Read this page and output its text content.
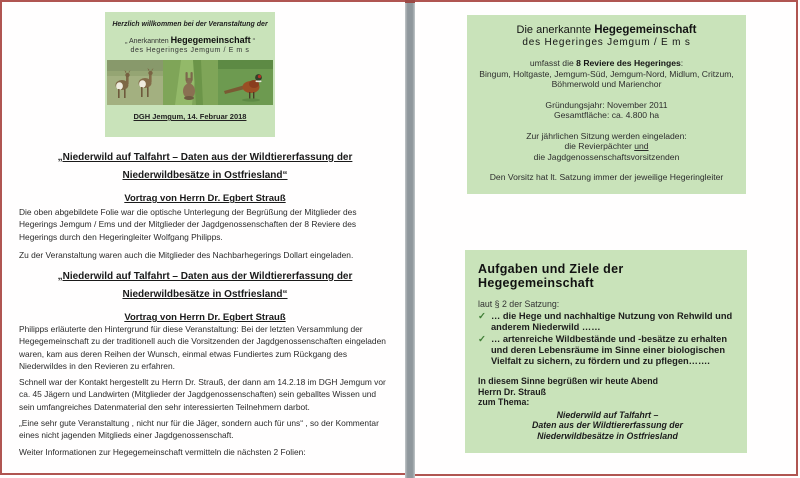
Herzlich willkommen bei der Veranstaltung der
„ Anerkannten Hegegemeinschaft “
des Hegeringes Jemgum / E m s
DGH Jemgum, 14. Februar 2018
„Niederwild auf Talfahrt – Daten aus der Wildtiererfassung der
Niederwildbesätze in Ostfriesland“
Vortrag von Herrn Dr. Egbert Strauß

Die oben abgebildete Folie war die optische Unterlegung der Begrüßung der Mitglieder des Hegerings Jemgum / Ems und der Mitglieder der Jagdgenossenschaften der 8 Reviere des Hegerings durch den Hegeringleiter Wolfgang Philipps.

Zu der Veranstaltung waren auch die Mitglieder des Nachbarhegerings Dollart eingeladen.

„Niederwild auf Talfahrt – Daten aus der Wildtiererfassung der
Niederwildbesätze in Ostfriesland“
Vortrag von Herrn Dr. Egbert Strauß

Philipps erläuterte den Hintergrund für diese Veranstaltung: Bei der letzten Versammlung der Hegegemeinschaft zu der traditionell auch die Vorsitzenden der Jagdgenossenschaften eingeladen waren, kam aus deren Reihen der Wunsch, einmal etwas Fundiertes zum Rückgang des Niederwildes in den Revieren zu erfahren.

Schnell war der Kontakt hergestellt zu Herrn Dr. Strauß, der dann am 14.2.18 im DGH Jemgum vor ca. 45 Jägern und Landwirten (Mitglieder der Jagdgenossenschaften) sein geballtes Wissen und sein umfangreiches Datenmaterial den sehr interessierten Teilnehmern darbot.

„Eine sehr gute Veranstaltung , nicht nur für die Jäger, sondern auch für uns“ , so der Kommentar eines nicht jagenden Mitglieds einer Jagdgenossenschaft.

Weiter Informationen zur Hegegemeinschaft vermitteln die nächsten 2 Folien:

Die anerkannte Hegegemeinschaft
des Hegeringes Jemgum / E m s
umfasst die 8 Reviere des Hegeringes:
Bingum, Holtgaste, Jemgum-Süd, Jemgum-Nord, Midlum, Critzum, Böhmerwold und Marienchor
Gründungsjahr: November 2011
Gesamtfläche: ca. 4.800 ha
Zur jährlichen Sitzung werden eingeladen:
die Revierpächter und
die Jagdgenossenschaftsvorsitzenden
Den Vorsitz hat lt. Satzung immer der jeweilige Hegeringleiter
Aufgaben und Ziele der Hegegemeinschaft
laut § 2 der Satzung:
✓ … die Hege und nachhaltige Nutzung von Rehwild und anderem Niederwild ……
✓ … artenreiche Wildbestände und -besätze zu erhalten und deren Lebensräume im Sinne einer biologischen Vielfalt zu sichern, zu fördern und zu pflegen…….
In diesem Sinne begrüßen wir heute Abend
Herrn Dr. Strauß
zum Thema:
Niederwild auf Talfahrt –
Daten aus der Wildtiererfassung der
Niederwildbesätze in Ostfriesland
